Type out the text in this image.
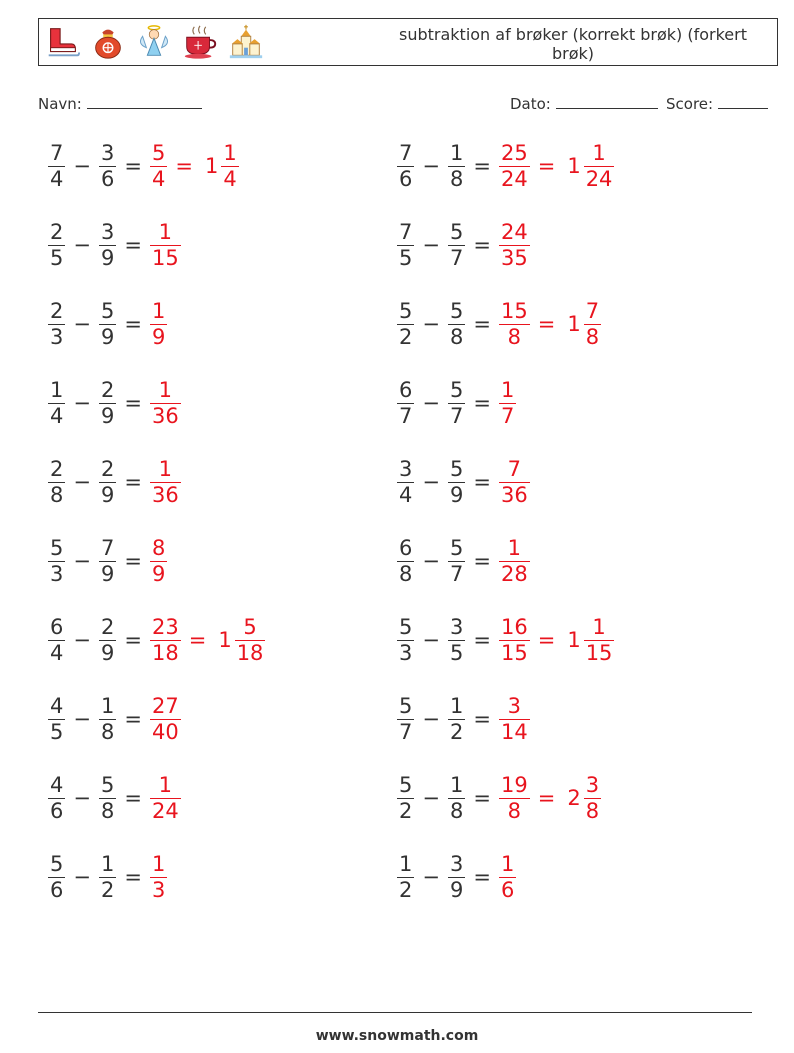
subtraktion af brøker (korrekt brøk) (forkert brøk)
Navn:	Dato:	Score:
$\frac{7}{4} - \frac{3}{6} = \frac{5}{4} = 1 \frac{1}{4}$
$\frac{2}{5} - \frac{3}{9} = \frac{1}{15}$
$\frac{2}{3} - \frac{5}{9} = \frac{1}{9}$
$\frac{1}{4} - \frac{2}{9} = \frac{1}{36}$
$\frac{2}{8} - \frac{2}{9} = \frac{1}{36}$
$\frac{5}{3} - \frac{7}{9} = \frac{8}{9}$
$\frac{6}{4} - \frac{2}{9} = \frac{23}{18} = 1 \frac{5}{18}$
$\frac{4}{5} - \frac{1}{8} = \frac{27}{40}$
$\frac{4}{6} - \frac{5}{8} = \frac{1}{24}$
$\frac{5}{6} - \frac{1}{2} = \frac{1}{3}$
$\frac{7}{6} - \frac{1}{8} = \frac{25}{24} = 1 \frac{1}{24}$
$\frac{7}{5} - \frac{5}{7} = \frac{24}{35}$
$\frac{5}{2} - \frac{5}{8} = \frac{15}{8} = 1 \frac{7}{8}$
$\frac{6}{7} - \frac{5}{7} = \frac{1}{7}$
$\frac{3}{4} - \frac{5}{9} = \frac{7}{36}$
$\frac{6}{8} - \frac{5}{7} = \frac{1}{28}$
$\frac{5}{3} - \frac{3}{5} = \frac{16}{15} = 1 \frac{1}{15}$
$\frac{5}{7} - \frac{1}{2} = \frac{3}{14}$
$\frac{5}{2} - \frac{1}{8} = \frac{19}{8} = 2 \frac{3}{8}$
$\frac{1}{2} - \frac{3}{9} = \frac{1}{6}$
www.snowmath.com
